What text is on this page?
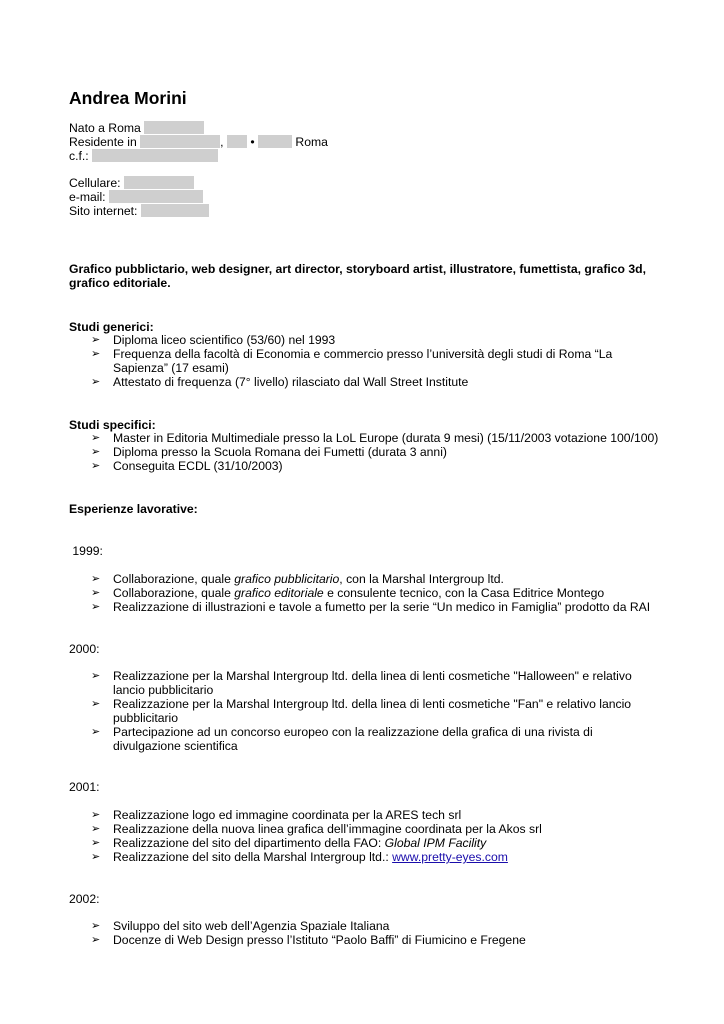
Andrea Morini
Nato a Roma
Residente in	, •	Roma
c.f.:
Cellulare:
e-mail:
Sito internet:
Grafico pubblictario, web designer, art director, storyboard artist, illustratore, fumettista, grafico 3d, grafico editoriale.
Studi generici:
➢ Diploma liceo scientifico (53/60) nel 1993
➢ Frequenza della facoltà di Economia e commercio presso l’università degli studi di Roma “La Sapienza” (17 esami)
➢ Attestato di frequenza (7° livello) rilasciato dal Wall Street Institute
Studi specifici:
➢ Master in Editoria Multimediale presso la LoL Europe (durata 9 mesi) (15/11/2003 votazione 100/100)
➢ Diploma presso la Scuola Romana dei Fumetti (durata 3 anni)
➢ Conseguita ECDL (31/10/2003)
Esperienze lavorative:
1999:
➢ Collaborazione, quale grafico pubblicitario, con la Marshal Intergroup ltd.
➢ Collaborazione, quale grafico editoriale e consulente tecnico, con la Casa Editrice Montego
➢ Realizzazione di illustrazioni e tavole a fumetto per la serie “Un medico in Famiglia” prodotto da RAI
2000:
➢ Realizzazione per la Marshal Intergroup ltd. della linea di lenti cosmetiche "Halloween" e relativo lancio pubblicitario
➢ Realizzazione per la Marshal Intergroup ltd. della linea di lenti cosmetiche "Fan" e relativo lancio pubblicitario
➢ Partecipazione ad un concorso europeo con la realizzazione della grafica di una rivista di divulgazione scientifica
2001:
➢ Realizzazione logo ed immagine coordinata per la ARES tech srl
➢ Realizzazione della nuova linea grafica dell’immagine coordinata per la Akos srl
➢ Realizzazione del sito del dipartimento della FAO: Global IPM Facility
➢ Realizzazione del sito della Marshal Intergroup ltd.: www.pretty-eyes.com
2002:
➢ Sviluppo del sito web dell’Agenzia Spaziale Italiana
➢ Docenze di Web Design presso l’Istituto “Paolo Baffi” di Fiumicino e Fregene
